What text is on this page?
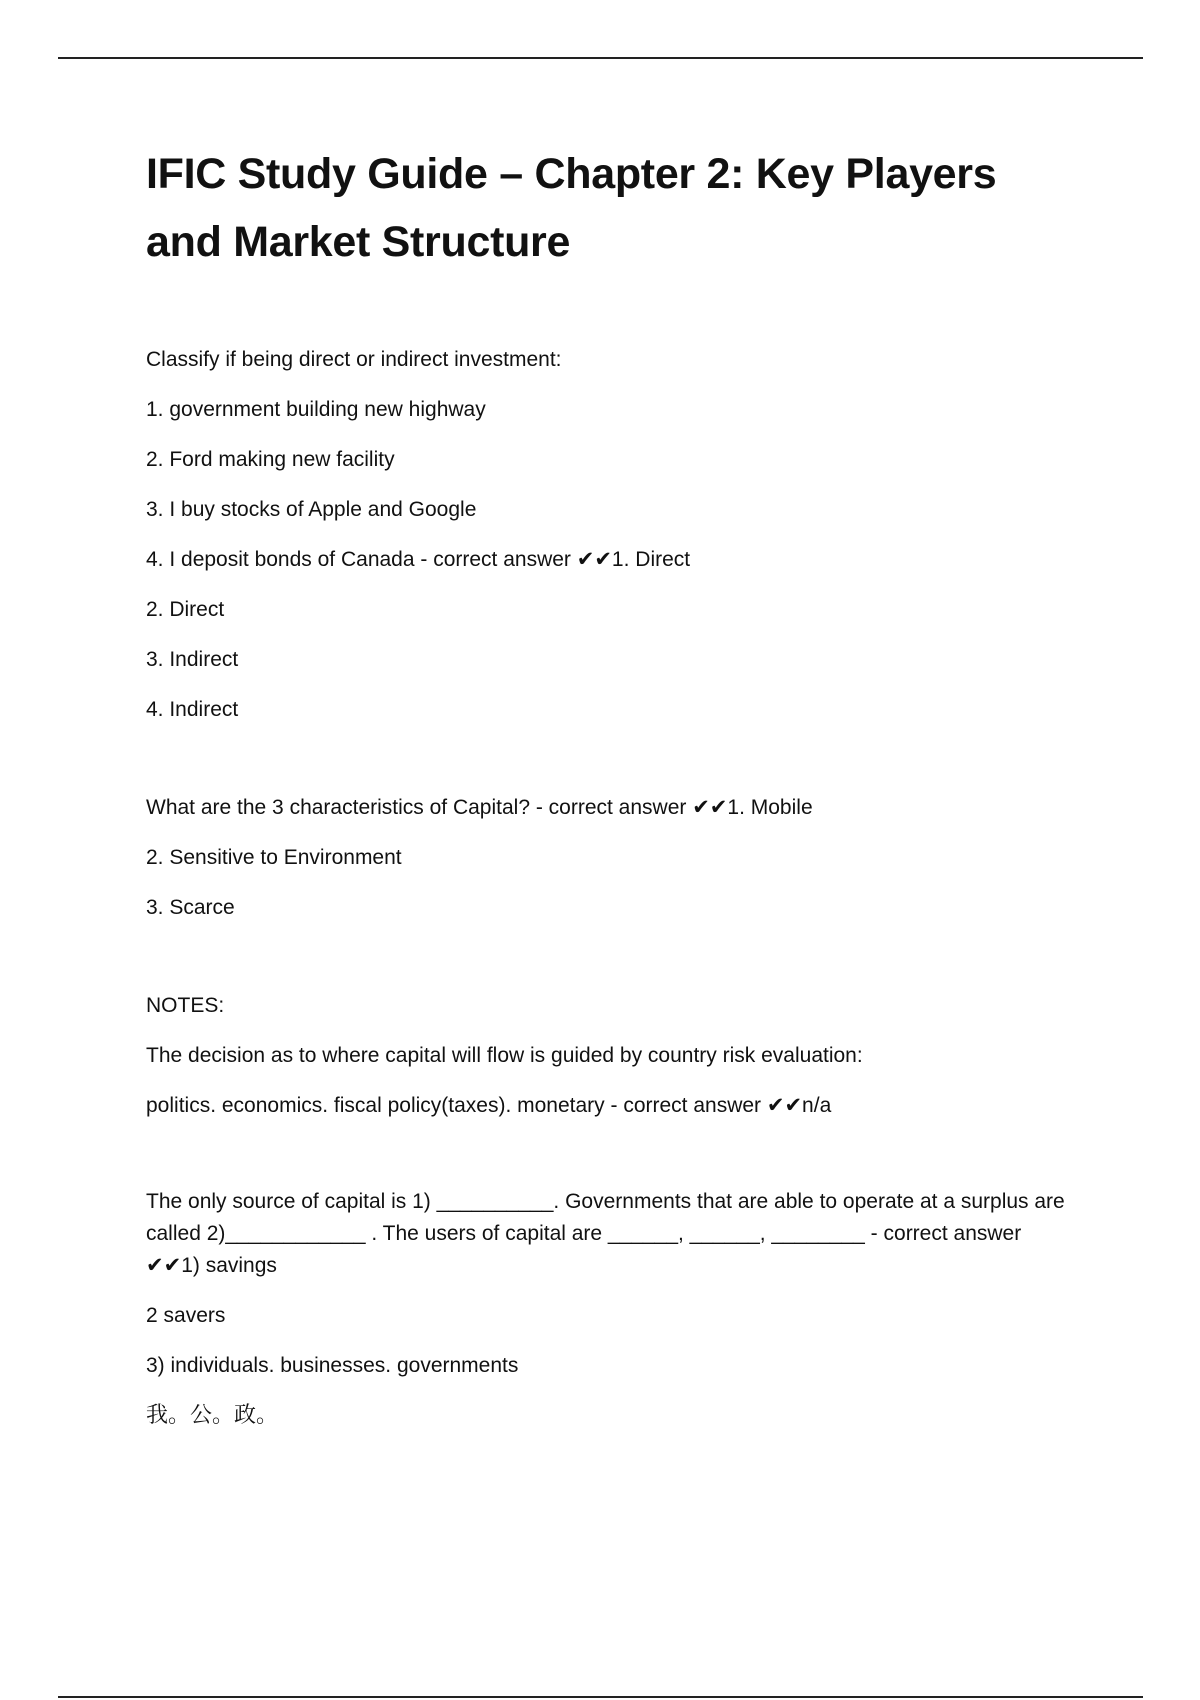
IFIC Study Guide – Chapter 2: Key Players and Market Structure

Classify if being direct or indirect investment:

1. government building new highway

2. Ford making new facility

3. I buy stocks of Apple and Google

4. I deposit bonds of Canada - correct answer ✔✔1. Direct

2. Direct

3. Indirect

4. Indirect

What are the 3 characteristics of Capital? - correct answer ✔✔1. Mobile

2. Sensitive to Environment

3. Scarce

NOTES:

The decision as to where capital will flow is guided by country risk evaluation:

politics. economics. fiscal policy(taxes). monetary - correct answer ✔✔n/a

The only source of capital is 1) __________. Governments that are able to operate at a surplus are called 2)____________ . The users of capital are ______, ______, ________ - correct answer ✔✔1) savings

2 savers

3) individuals. businesses. governments

我。公。政。
